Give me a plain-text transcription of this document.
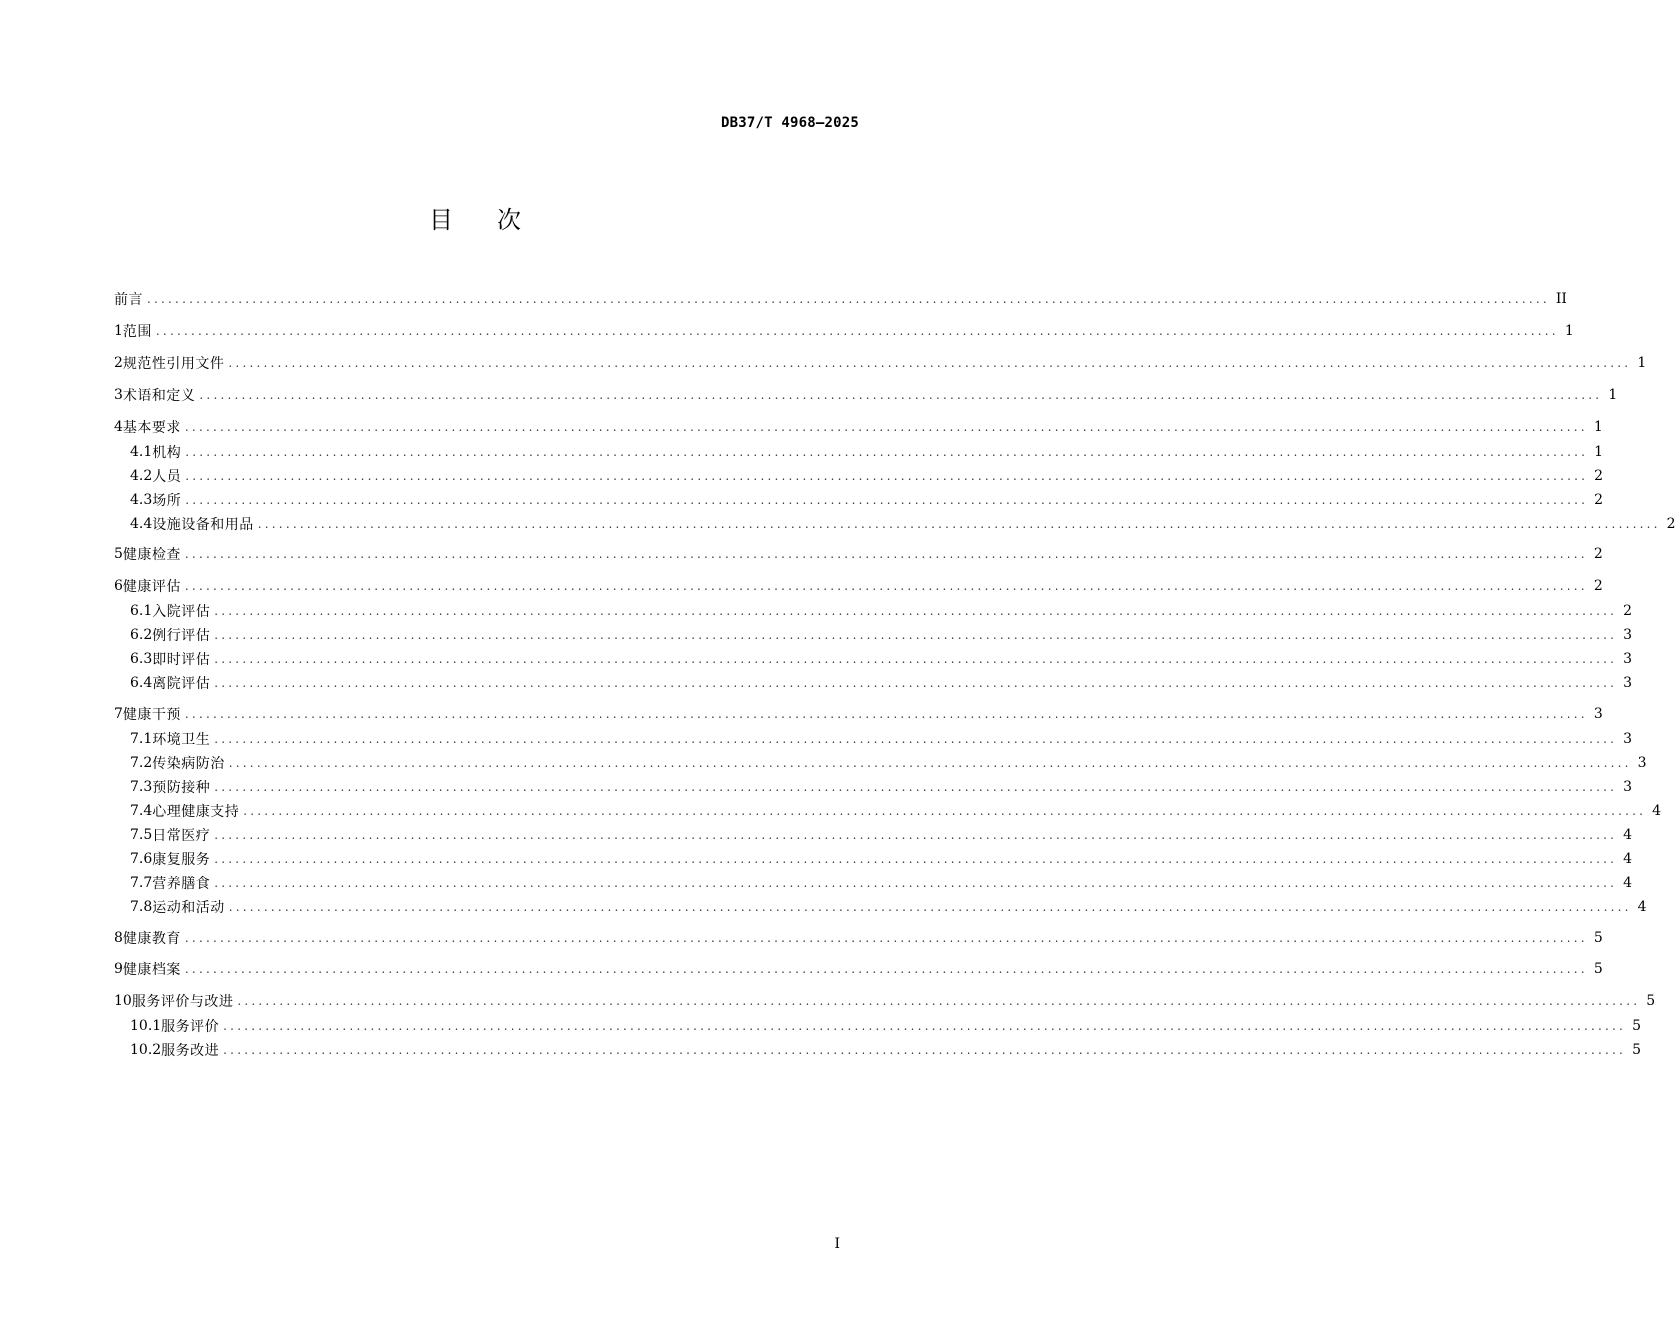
DB37/T 4968—2025
目次
前言 ........................................................................................................................................................................................................ II
1 范围 ........................................................................................................................................................................................................ 1
2 规范性引用文件 ........................................................................................................................................................................................................ 1
3 术语和定义 ........................................................................................................................................................................................................ 1
4 基本要求 ........................................................................................................................................................................................................ 1
4.1 机构 ........................................................................................................................................................................................................ 1
4.2 人员 ........................................................................................................................................................................................................ 2
4.3 场所 ........................................................................................................................................................................................................ 2
4.4 设施设备和用品 ........................................................................................................................................................................................................ 2
5 健康检查 ........................................................................................................................................................................................................ 2
6 健康评估 ........................................................................................................................................................................................................ 2
6.1 入院评估 ........................................................................................................................................................................................................ 2
6.2 例行评估 ........................................................................................................................................................................................................ 3
6.3 即时评估 ........................................................................................................................................................................................................ 3
6.4 离院评估 ........................................................................................................................................................................................................ 3
7 健康干预 ........................................................................................................................................................................................................ 3
7.1 环境卫生 ........................................................................................................................................................................................................ 3
7.2 传染病防治 ........................................................................................................................................................................................................ 3
7.3 预防接种 ........................................................................................................................................................................................................ 3
7.4 心理健康支持 ........................................................................................................................................................................................................ 4
7.5 日常医疗 ........................................................................................................................................................................................................ 4
7.6 康复服务 ........................................................................................................................................................................................................ 4
7.7 营养膳食 ........................................................................................................................................................................................................ 4
7.8 运动和活动 ........................................................................................................................................................................................................ 4
8 健康教育 ........................................................................................................................................................................................................ 5
9 健康档案 ........................................................................................................................................................................................................ 5
10 服务评价与改进 ........................................................................................................................................................................................................ 5
10.1 服务评价 ........................................................................................................................................................................................................ 5
10.2 服务改进 ........................................................................................................................................................................................................ 5
I
